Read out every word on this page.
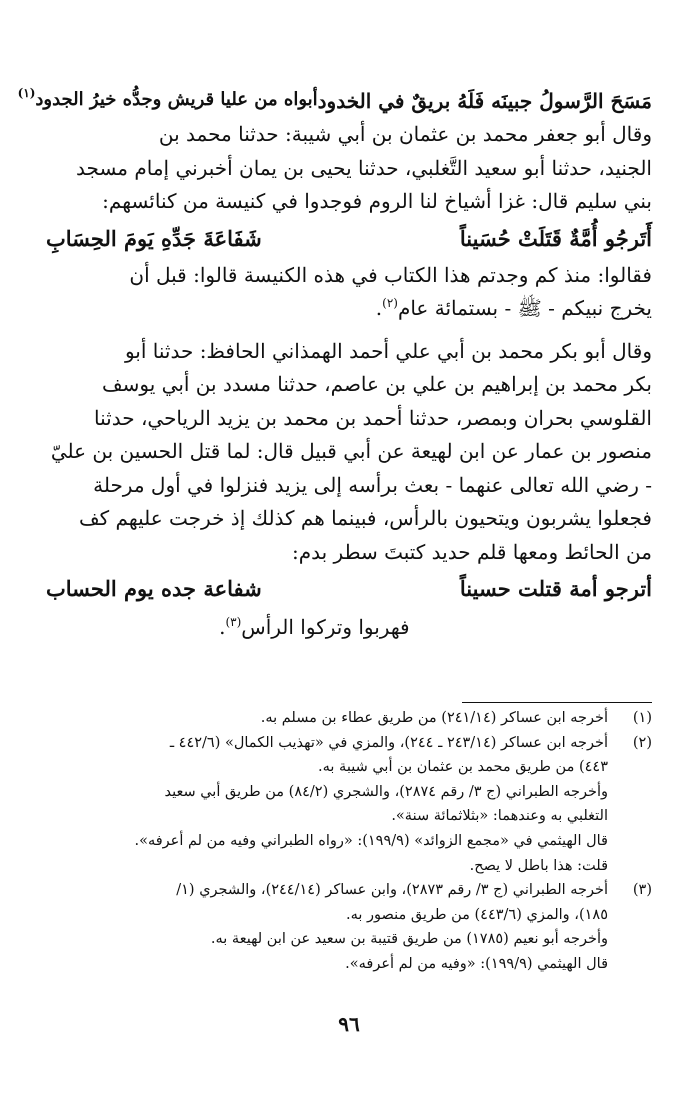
مَسَحَ الرَّسولُ جبينَه فَلَهُ بريقٌ في الخدود
أبواه من عليا قريش وجدُّه خيرُ الجدود$^{(١)}$

وقال أبو جعفر محمد بن عثمان بن أبي شيبة: حدثنا محمد بن
الجنيد، حدثنا أبو سعيد التَّغلبي، حدثنا يحيى بن يمان أخبرني إمام مسجد
بني سليم قال: غزا أشياخ لنا الروم فوجدوا في كنيسة من كنائسهم:

أَتَرجُو أُمَّةٌ قَتَلَتْ حُسَيناً
شَفَاعَةَ جَدِّهِ يَومَ الحِسَابِ

فقالوا: منذ كم وجدتم هذا الكتاب في هذه الكنيسة قالوا: قبل أن
يخرج نبيكم - ﷺ - بستمائة عام$^{(٢)}$.

وقال أبو بكر محمد بن أبي علي أحمد الهمذاني الحافظ: حدثنا أبو
بكر محمد بن إبراهيم بن علي بن عاصم، حدثنا مسدد بن أبي يوسف
القلوسي بحران وبمصر، حدثنا أحمد بن محمد بن يزيد الرياحي، حدثنا
منصور بن عمار عن ابن لهيعة عن أبي قبيل قال: لما قتل الحسين بن عليّ
- رضي الله تعالى عنهما - بعث برأسه إلى يزيد فنزلوا في أول مرحلة
فجعلوا يشربون ويتحيون بالرأس، فبينما هم كذلك إذ خرجت عليهم كف
من الحائط ومعها قلم حديد كتبتَ سطر بدم:

أترجو أمة قتلت حسيناً
شفاعة جده يوم الحساب
فهربوا وتركوا الرأس$^{(٣)}$.
(١)
أخرجه ابن عساكر (٢٤١/١٤) من طريق عطاء بن مسلم به.
(٢)
أخرجه ابن عساكر (٢٤٣/١٤ ـ ٢٤٤)، والمزي في «تهذيب الكمال» (٤٤٢/٦ ـ
٤٤٣) من طريق محمد بن عثمان بن أبي شيبة به.
وأخرجه الطبراني (ج ٣/ رقم ٢٨٧٤)، والشجري (٨٤/٢) من طريق أبي سعيد
التغلبي به وعندهما: «بثلاثمائة سنة».
قال الهيثمي في «مجمع الزوائد» (١٩٩/٩): «رواه الطبراني وفيه من لم أعرفه».
قلت: هذا باطل لا يصح.
(٣)
أخرجه الطبراني (ج ٣/ رقم ٢٨٧٣)، وابن عساكر (٢٤٤/١٤)، والشجري (١/
١٨٥)، والمزي (٤٤٣/٦) من طريق منصور به.
وأخرجه أبو نعيم (١٧٨٥) من طريق قتيبة بن سعيد عن ابن لهيعة به.
قال الهيثمي (١٩٩/٩): «وفيه من لم أعرفه».
٩٦
